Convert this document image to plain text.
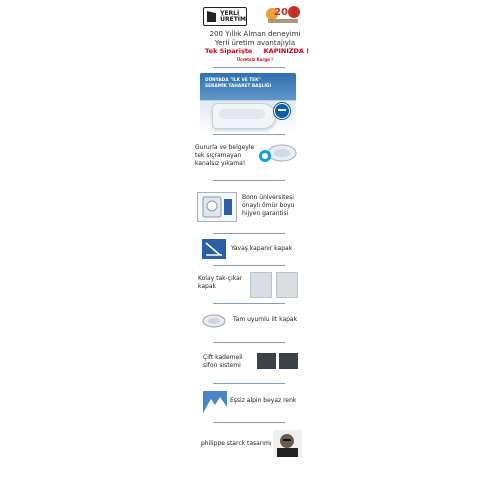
YERLİ
ÜRETİM
200
200 Yıllık Alman deneyimi
Yerli üretim avantajıyla
Tek Siparişte     KAPINIZDA !
Ücretsiz Kargo !
DÜNYADA "İLK VE TEK"
SERAMİK TAHARET BAŞLIĞI
Gururla ve belgeyle
tek sıçramayan
kanalsız yıkama!
Bonn üniversitesi
onaylı ömür boyu
hijyen garantisi
Yavaş kapanır kapak
Kolay tak-çıkar
kapak
Tam uyumlu ilt kapak
Çift kademeli
sifon sistemi
Eşsiz alpin beyaz renk
philippe starck tasarımı
